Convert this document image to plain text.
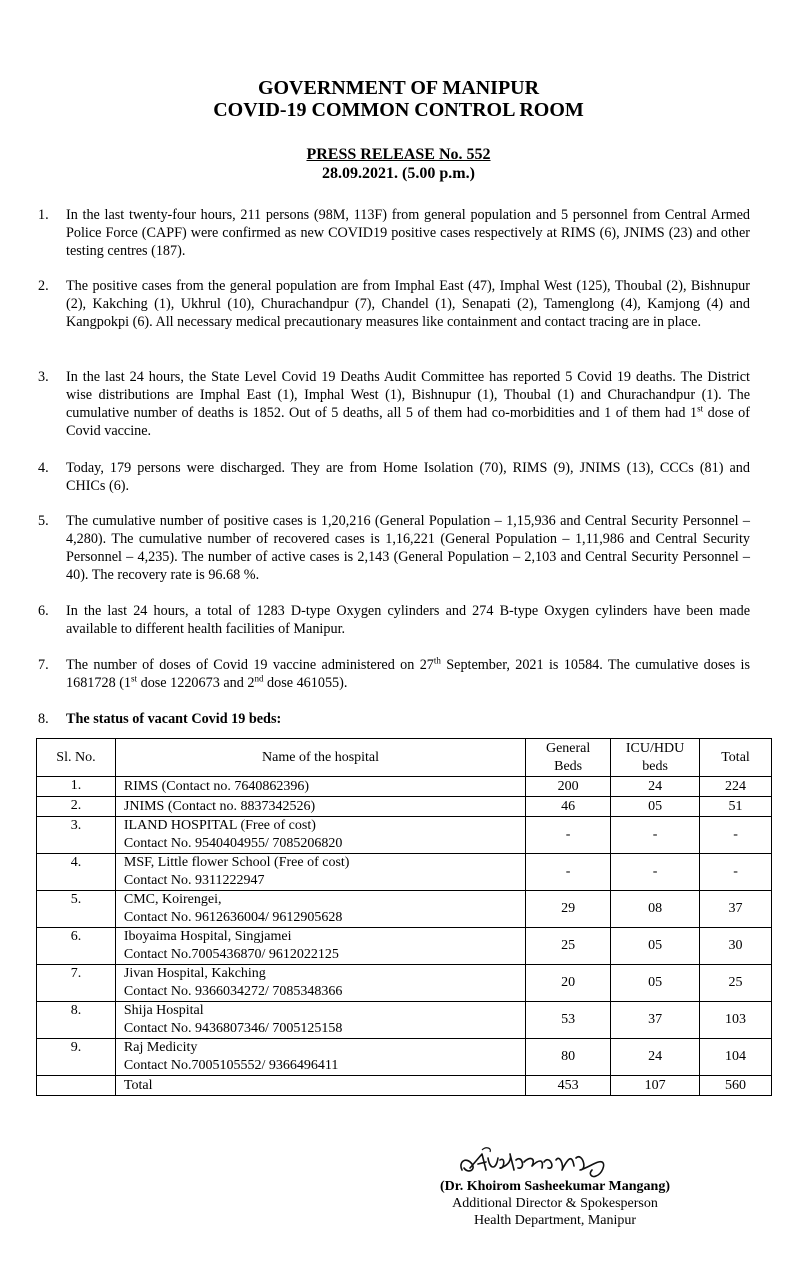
GOVERNMENT OF MANIPUR
COVID-19 COMMON CONTROL ROOM
PRESS RELEASE No. 552
28.09.2021. (5.00 p.m.)
1.	In the last twenty-four hours, 211 persons (98M, 113F) from general population and 5 personnel from Central Armed Police Force (CAPF) were confirmed as new COVID19 positive cases respectively at RIMS (6), JNIMS (23) and other testing centres (187).
2.	The positive cases from the general population are from Imphal East (47), Imphal West (125), Thoubal (2), Bishnupur (2), Kakching (1), Ukhrul (10), Churachandpur (7), Chandel (1), Senapati (2), Tamenglong (4), Kamjong (4) and Kangpokpi (6). All necessary medical precautionary measures like containment and contact tracing are in place.
3.	In the last 24 hours, the State Level Covid 19 Deaths Audit Committee has reported 5 Covid 19 deaths. The District wise distributions are Imphal East (1), Imphal West (1), Bishnupur (1), Thoubal (1) and Churachandpur (1). The cumulative number of deaths is 1852. Out of 5 deaths, all 5 of them had co-morbidities and 1 of them had 1st dose of Covid vaccine.
4.	Today, 179 persons were discharged. They are from Home Isolation (70), RIMS (9), JNIMS (13), CCCs (81) and CHICs (6).
5.	The cumulative number of positive cases is 1,20,216 (General Population – 1,15,936 and Central Security Personnel – 4,280). The cumulative number of recovered cases is 1,16,221 (General Population – 1,11,986 and Central Security Personnel – 4,235). The number of active cases is 2,143 (General Population – 2,103 and Central Security Personnel – 40). The recovery rate is 96.68 %.
6.	In the last 24 hours, a total of 1283 D-type Oxygen cylinders and 274 B-type Oxygen cylinders have been made available to different health facilities of Manipur.
7.	The number of doses of Covid 19 vaccine administered on 27th September, 2021 is 10584. The cumulative doses is 1681728 (1st dose 1220673 and 2nd dose 461055).
8.	The status of vacant Covid 19 beds:
Sl. No.	Name of the hospital	General Beds	ICU/HDU beds	Total
1.	RIMS (Contact no. 7640862396)	200	24	224
2.	JNIMS (Contact no. 8837342526)	46	05	51
3.	ILAND HOSPITAL (Free of cost)
Contact No. 9540404955/ 7085206820	-	-	-
4.	MSF, Little flower School (Free of cost)
Contact No. 9311222947	-	-	-
5.	CMC, Koirengei,
Contact No. 9612636004/ 9612905628	29	08	37
6.	Iboyaima Hospital, Singjamei
Contact No.7005436870/ 9612022125	25	05	30
7.	Jivan Hospital, Kakching
Contact No. 9366034272/ 7085348366	20	05	25
8.	Shija Hospital
Contact No. 9436807346/ 7005125158	53	37	103
9.	Raj Medicity
Contact No.7005105552/ 9366496411	80	24	104
	Total	453	107	560
(Dr. Khoirom Sasheekumar Mangang)
Additional Director & Spokesperson
Health Department, Manipur
